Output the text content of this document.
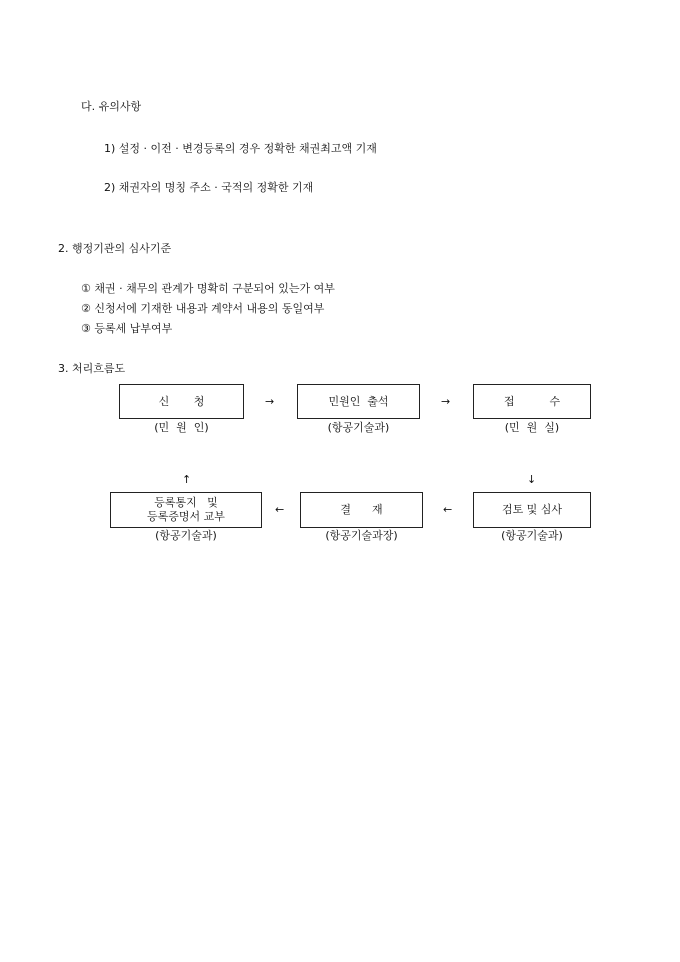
다. 유의사항
1) 설정 · 이전 · 변경등록의 경우 정확한 채권최고액 기재
2) 채권자의 명칭 주소 · 국적의 정확한 기재
2. 행정기관의 심사기준
① 채권 · 채무의 관계가 명확히 구분되어 있는가 여부
② 신청서에 기재한 내용과 계약서 내용의 동일여부
③ 등록세 납부여부
3. 처리흐름도
신       청
(민  원  인)
→	민원인  출석
(항공기술과)
→	접          수
(민  원  실)
↑	↓
등록통지   및
등록증명서 교부
(항공기술과)
←	결      재
(항공기술과장)
←	검토 및 심사
(항공기술과)
